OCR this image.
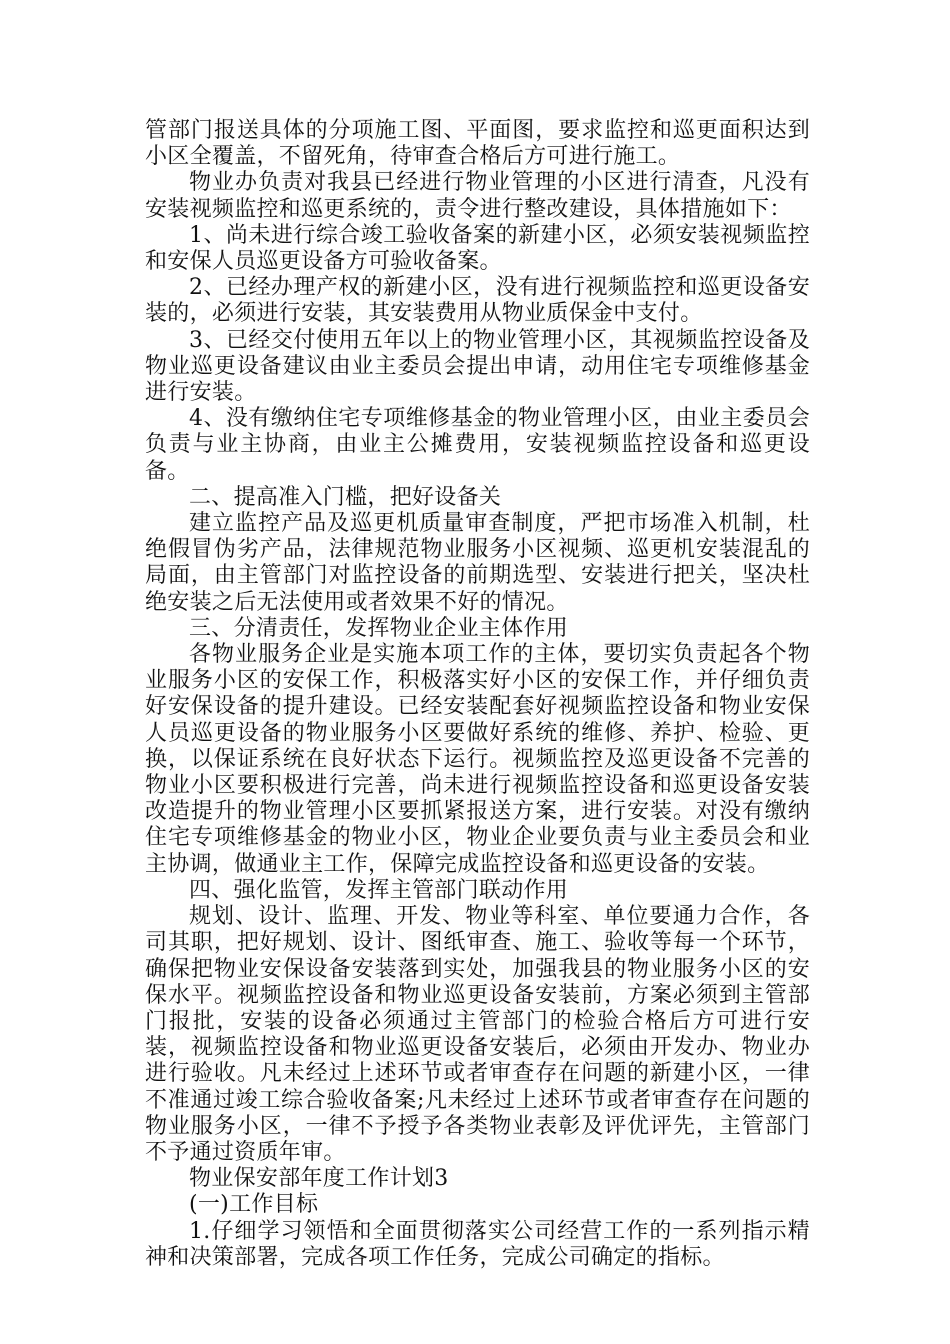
管部门报送具体的分项施工图、平面图，要求监控和巡更面积达到小区全覆盖，不留死角，待审查合格后方可进行施工。

物业办负责对我县已经进行物业管理的小区进行清查，凡没有安装视频监控和巡更系统的，责令进行整改建设，具体措施如下：

1、尚未进行综合竣工验收备案的新建小区，必须安装视频监控和安保人员巡更设备方可验收备案。

2、已经办理产权的新建小区，没有进行视频监控和巡更设备安装的，必须进行安装，其安装费用从物业质保金中支付。

3、已经交付使用五年以上的物业管理小区，其视频监控设备及物业巡更设备建议由业主委员会提出申请，动用住宅专项维修基金进行安装。

4、没有缴纳住宅专项维修基金的物业管理小区，由业主委员会负责与业主协商，由业主公摊费用，安装视频监控设备和巡更设备。

二、提高准入门槛，把好设备关

建立监控产品及巡更机质量审查制度，严把市场准入机制，杜绝假冒伪劣产品，法律规范物业服务小区视频、巡更机安装混乱的局面，由主管部门对监控设备的前期选型、安装进行把关，坚决杜绝安装之后无法使用或者效果不好的情况。

三、分清责任，发挥物业企业主体作用

各物业服务企业是实施本项工作的主体，要切实负责起各个物业服务小区的安保工作，积极落实好小区的安保工作，并仔细负责好安保设备的提升建设。已经安装配套好视频监控设备和物业安保人员巡更设备的物业服务小区要做好系统的维修、养护、检验、更换，以保证系统在良好状态下运行。视频监控及巡更设备不完善的物业小区要积极进行完善，尚未进行视频监控设备和巡更设备安装改造提升的物业管理小区要抓紧报送方案，进行安装。对没有缴纳住宅专项维修基金的物业小区，物业企业要负责与业主委员会和业主协调，做通业主工作，保障完成监控设备和巡更设备的安装。

四、强化监管，发挥主管部门联动作用

规划、设计、监理、开发、物业等科室、单位要通力合作，各司其职，把好规划、设计、图纸审查、施工、验收等每一个环节，确保把物业安保设备安装落到实处，加强我县的物业服务小区的安保水平。视频监控设备和物业巡更设备安装前，方案必须到主管部门报批，安装的设备必须通过主管部门的检验合格后方可进行安装，视频监控设备和物业巡更设备安装后，必须由开发办、物业办进行验收。凡未经过上述环节或者审查存在问题的新建小区，一律不准通过竣工综合验收备案;凡未经过上述环节或者审查存在问题的物业服务小区，一律不予授予各类物业表彰及评优评先，主管部门不予通过资质年审。

物业保安部年度工作计划3

(一)工作目标

1.仔细学习领悟和全面贯彻落实公司经营工作的一系列指示精神和决策部署，完成各项工作任务，完成公司确定的指标。
